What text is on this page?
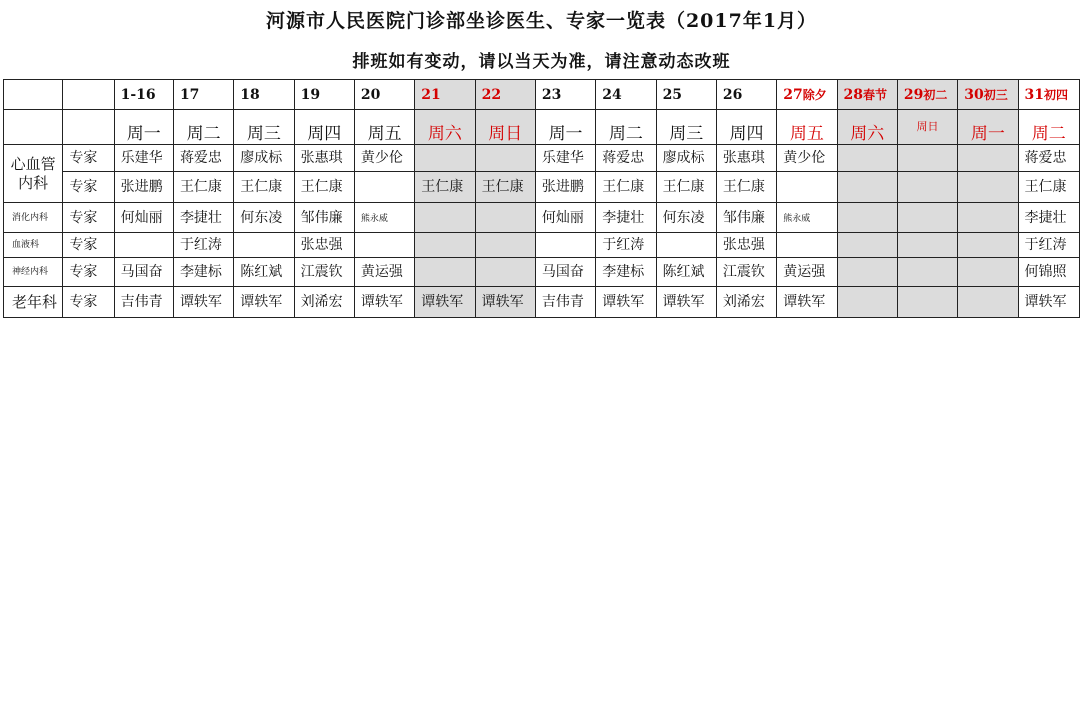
河源市人民医院门诊部坐诊医生、专家一览表（2017年1月）
排班如有变动，请以当天为准，请注意动态改班
		1-16	17	18	19	20	21	22	23	24	25	26	27除夕	28春节	29初二	30初三	31初四
		周一	周二	周三	周四	周五	周六	周日	周一	周二	周三	周四	周五	周六	周日	周一	周二
心血管内科	专家	乐建华	蒋爱忠	廖成标	张惠琪	黄少伦			乐建华	蒋爱忠	廖成标	张惠琪	黄少伦				蒋爱忠
	专家	张进鹏	王仁康	王仁康	王仁康		王仁康	王仁康	张进鹏	王仁康	王仁康	王仁康					王仁康
消化内科	专家	何灿丽	李捷壮	何东凌	邹伟廉	熊永威			何灿丽	李捷壮	何东凌	邹伟廉	熊永威				李捷壮
血液科	专家		于红涛		张忠强					于红涛		张忠强					于红涛
神经内科	专家	马国奋	李建标	陈红斌	江震钦	黄运强			马国奋	李建标	陈红斌	江震钦	黄运强				何锦照
老年科	专家	吉伟青	谭轶军	谭轶军	刘浠宏	谭轶军	谭轶军	谭轶军	吉伟青	谭轶军	谭轶军	刘浠宏	谭轶军				谭轶军
